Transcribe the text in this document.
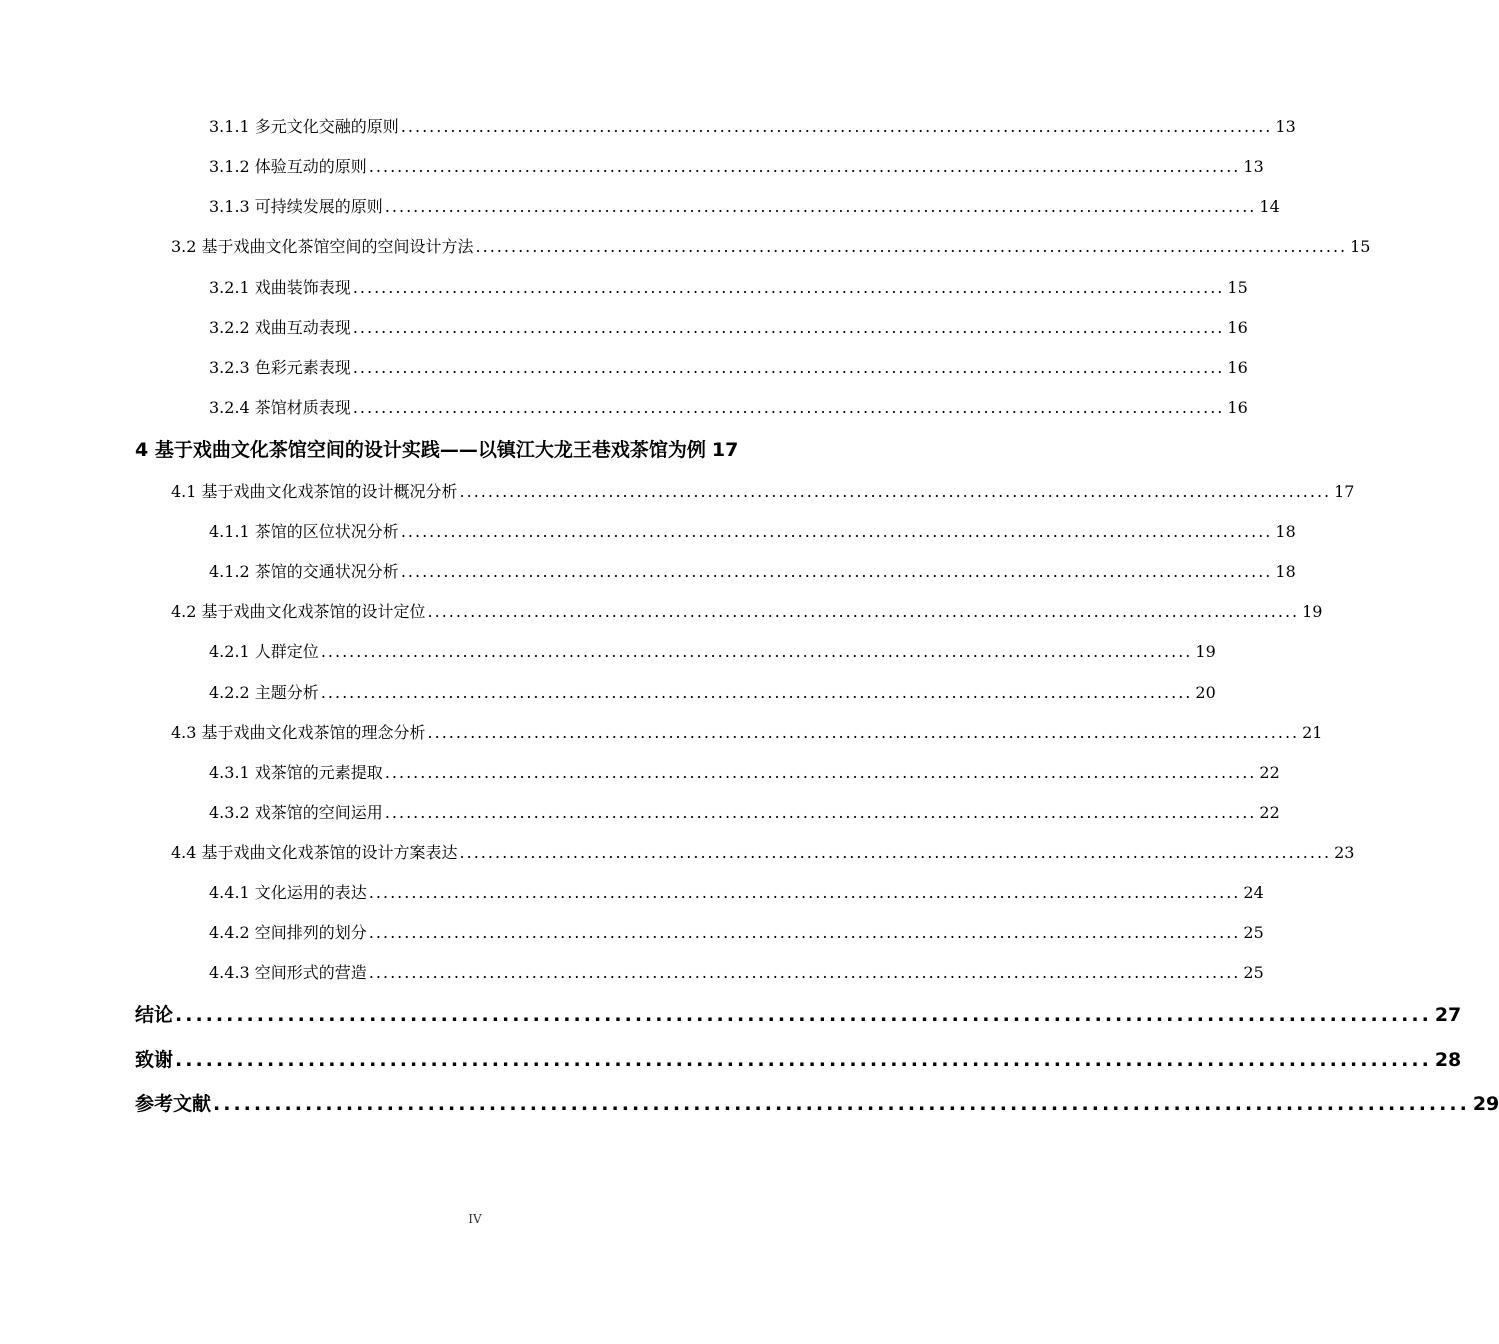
3.1.1 多元文化交融的原则 ........................................................................................................................... 13
3.1.2 体验互动的原则 ........................................................................................................................... 13
3.1.3 可持续发展的原则 ........................................................................................................................... 14
3.2 基于戏曲文化茶馆空间的空间设计方法 ........................................................................................................................... 15
3.2.1 戏曲装饰表现 ........................................................................................................................... 15
3.2.2 戏曲互动表现 ........................................................................................................................... 16
3.2.3 色彩元素表现 ........................................................................................................................... 16
3.2.4 茶馆材质表现 ........................................................................................................................... 16
4 基于戏曲文化茶馆空间的设计实践——以镇江大龙王巷戏茶馆为例 17
4.1 基于戏曲文化戏茶馆的设计概况分析 ........................................................................................................................... 17
4.1.1 茶馆的区位状况分析 ........................................................................................................................... 18
4.1.2 茶馆的交通状况分析 ........................................................................................................................... 18
4.2 基于戏曲文化戏茶馆的设计定位 ........................................................................................................................... 19
4.2.1 人群定位 ........................................................................................................................... 19
4.2.2 主题分析 ........................................................................................................................... 20
4.3 基于戏曲文化戏茶馆的理念分析 ........................................................................................................................... 21
4.3.1 戏茶馆的元素提取 ........................................................................................................................... 22
4.3.2 戏茶馆的空间运用 ........................................................................................................................... 22
4.4 基于戏曲文化戏茶馆的设计方案表达 ........................................................................................................................... 23
4.4.1 文化运用的表达 ........................................................................................................................... 24
4.4.2 空间排列的划分 ........................................................................................................................... 25
4.4.3 空间形式的营造 ........................................................................................................................... 25
结论 ........................................................................................................................... 27
致谢 ........................................................................................................................... 28
参考文献 ........................................................................................................................... 29
IV
